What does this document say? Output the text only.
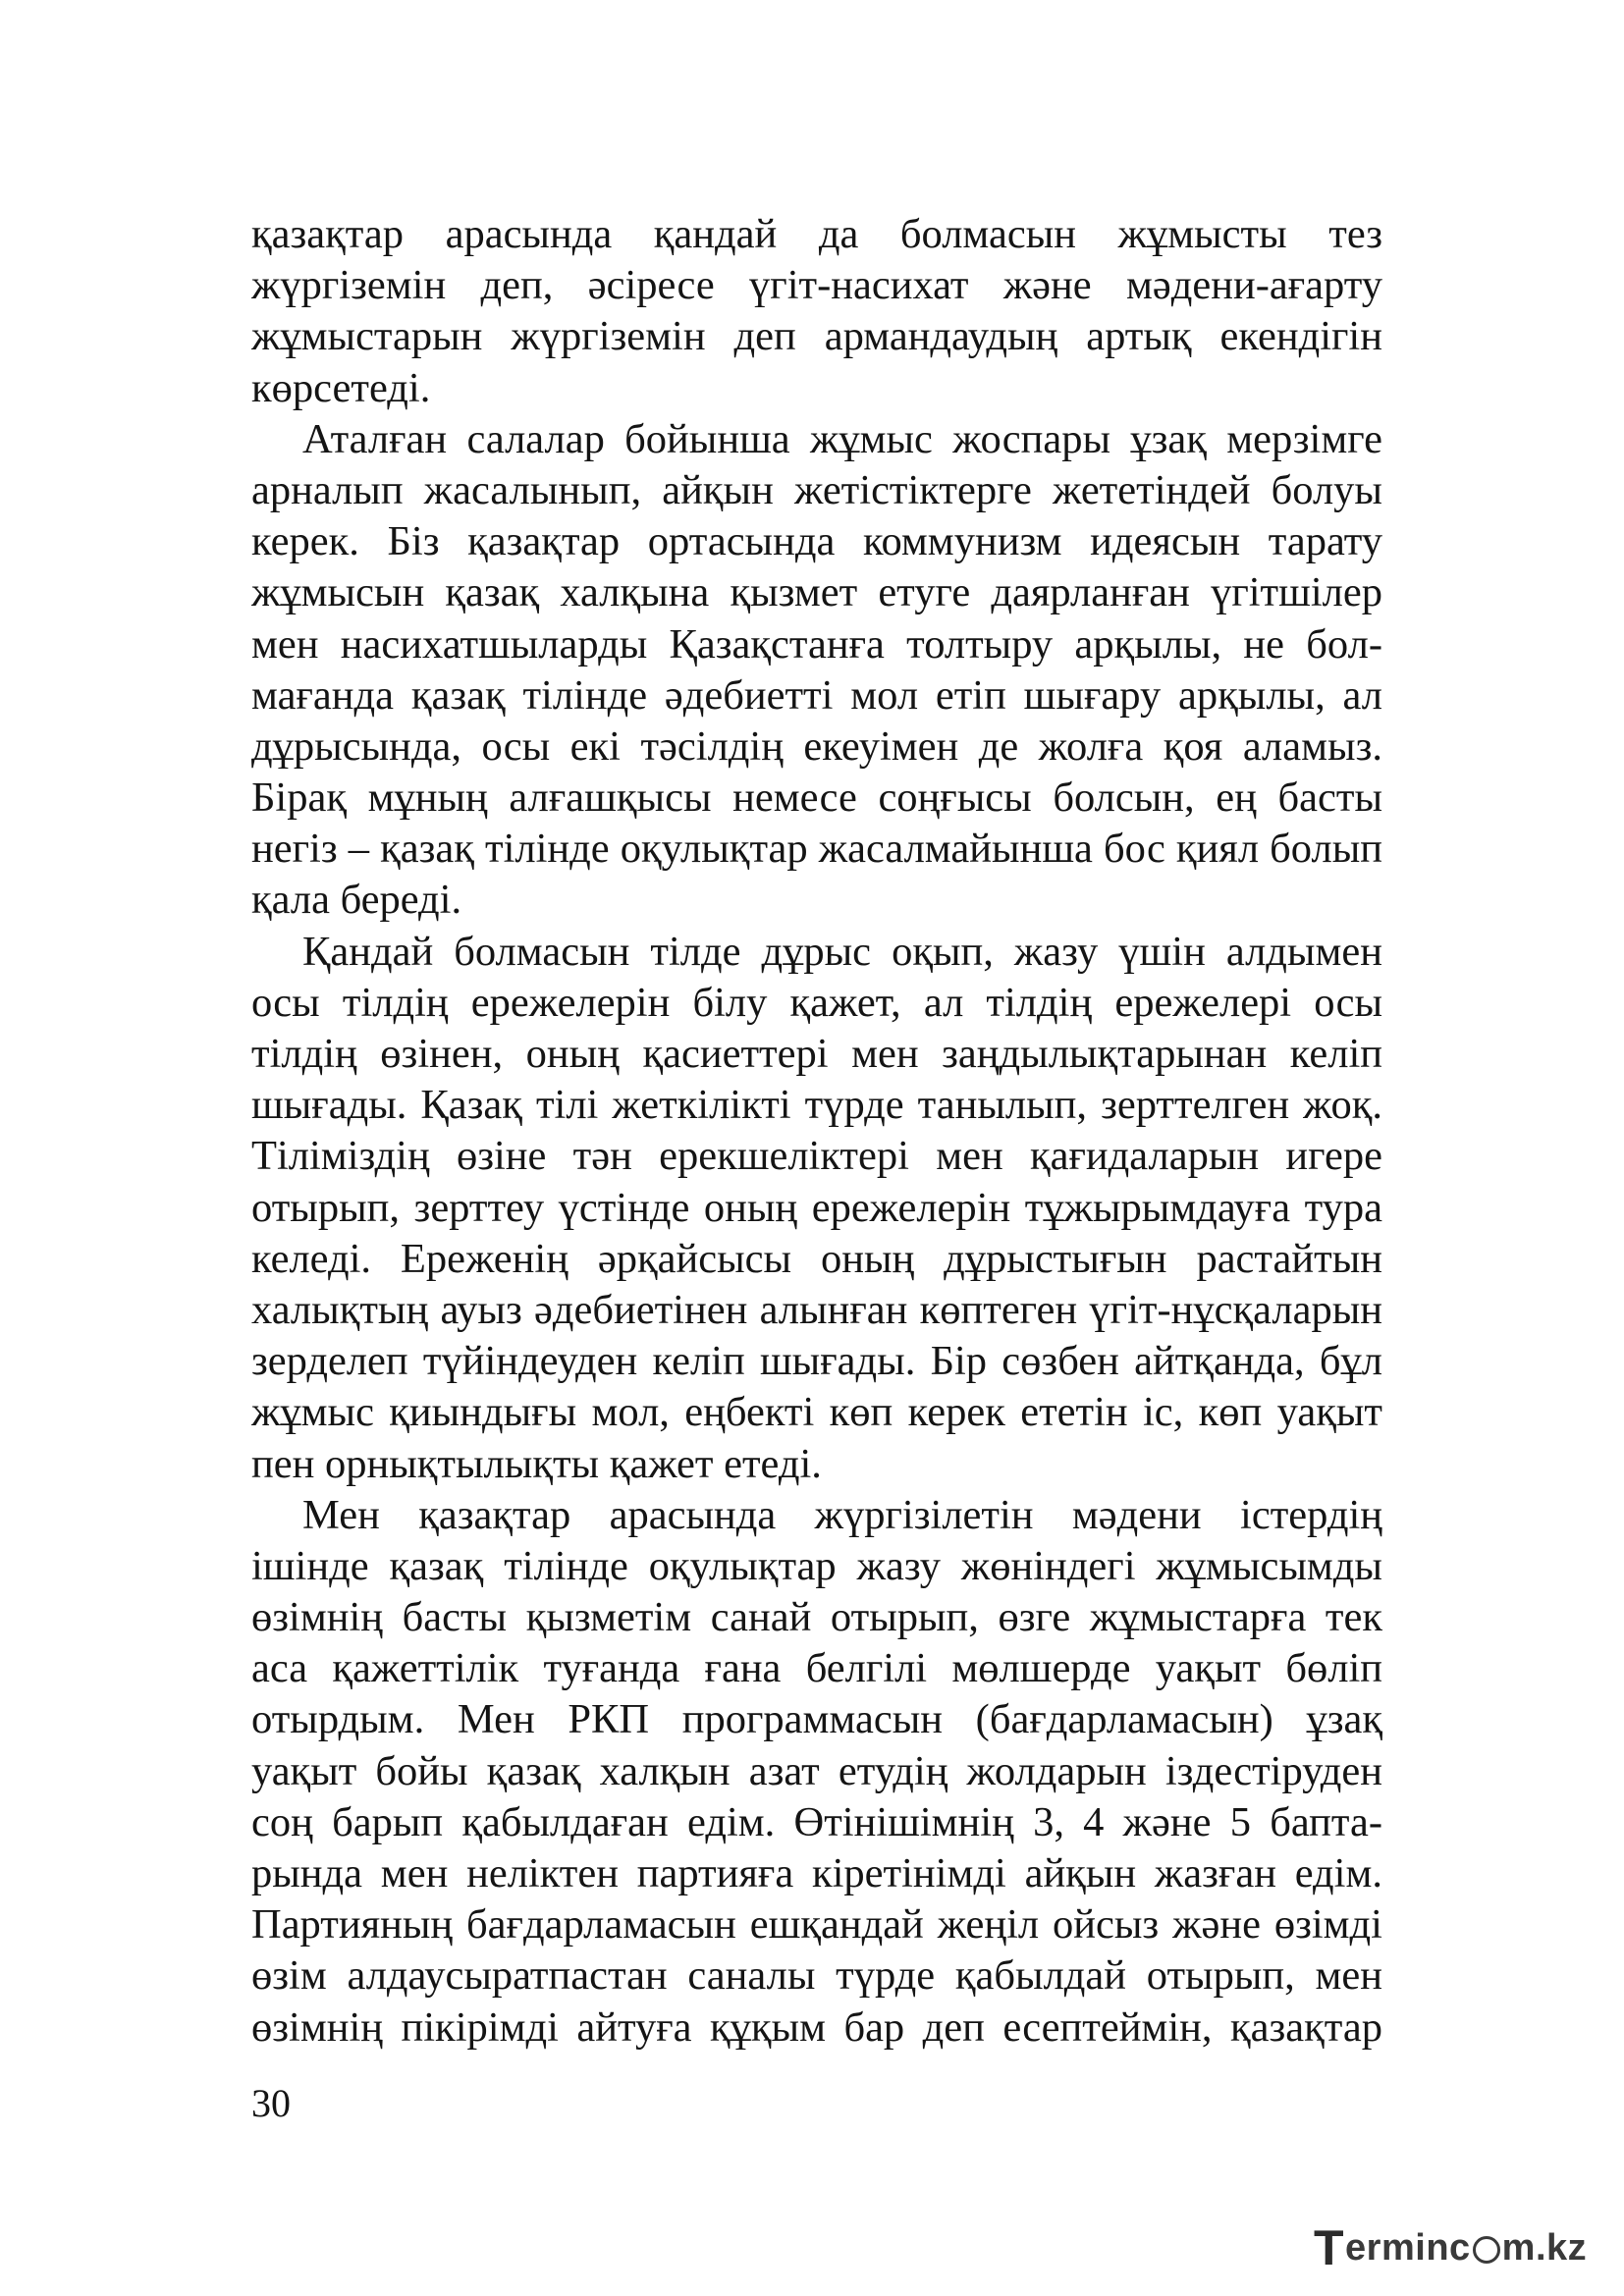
қазақтар арасында қандай да болмасын жұмысты тез
жүргіземін деп, әсіресе үгіт-насихат және мәдени-ағарту
жұмыстарын жүргіземін деп армандаудың артық екендігін
көрсетеді.
Аталған салалар бойынша жұмыс жоспары ұзақ мерзімге
арналып жасалынып, айқын жетістіктерге жететіндей болуы
керек. Біз қазақтар ортасында коммунизм идеясын тарату
жұмысын қазақ халқына қызмет етуге даярланған үгітшілер
мен насихатшыларды Қазақстанға толтыру арқылы, не бол-
мағанда қазақ тілінде әдебиетті мол етіп шығару арқылы, ал
дұрысында, осы екі тәсілдің екеуімен де жолға қоя аламыз.
Бірақ мұның алғашқысы немесе соңғысы болсын, ең басты
негіз – қазақ тілінде оқулықтар жасалмайынша бос қиял болып
қала береді.
Қандай болмасын тілде дұрыс оқып, жазу үшін алдымен
осы тілдің ережелерін білу қажет, ал тілдің ережелері осы
тілдің өзінен, оның қасиеттері мен заңдылықтарынан келіп
шығады. Қазақ тілі жеткілікті түрде танылып, зерттелген жоқ.
Тіліміздің өзіне тән ерекшеліктері мен қағидаларын игере
отырып, зерттеу үстінде оның ережелерін тұжырымдауға тура
келеді. Ереженің әрқайсысы оның дұрыстығын растайтын
халықтың ауыз әдебиетінен алынған көптеген үгіт-нұсқаларын
зерделеп түйіндеуден келіп шығады. Бір сөзбен айтқанда, бұл
жұмыс қиындығы мол, еңбекті көп керек ететін іс, көп уақыт
пен орнықтылықты қажет етеді.
Мен қазақтар арасында жүргізілетін мәдени істердің
ішінде қазақ тілінде оқулықтар жазу жөніндегі жұмысымды
өзімнің басты қызметім санай отырып, өзге жұмыстарға тек
аса қажеттілік туғанда ғана белгілі мөлшерде уақыт бөліп
отырдым. Мен РКП программасын (бағдарламасын) ұзақ
уақыт бойы қазақ халқын азат етудің жолдарын іздестіруден
соң барып қабылдаған едім. Өтінішімнің 3, 4 және 5 бапта-
рында мен неліктен партияға кіретінімді айқын жазған едім.
Партияның бағдарламасын ешқандай жеңіл ойсыз және өзімді
өзім алдаусыратпастан саналы түрде қабылдай отырып, мен
өзімнің пікірімді айтуға құқым бар деп есептеймін, қазақтар
30
T erminc m.kz
